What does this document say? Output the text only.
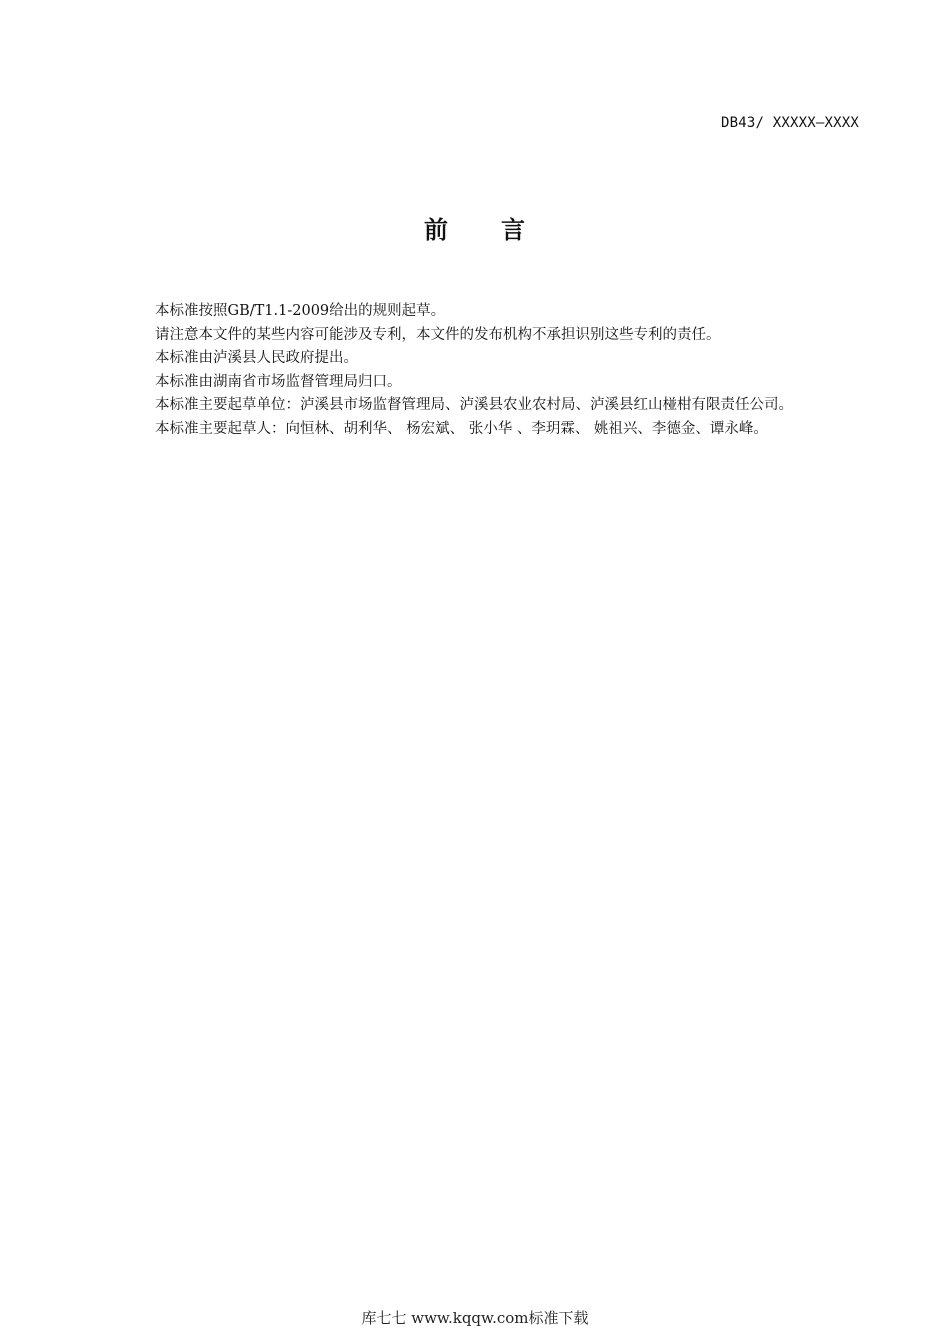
DB43/ XXXXX—XXXX
前 言

本标准按照GB/T1.1-2009给出的规则起草。

请注意本文件的某些内容可能涉及专利，本文件的发布机构不承担识别这些专利的责任。

本标准由泸溪县人民政府提出。

本标准由湖南省市场监督管理局归口。

本标准主要起草单位：泸溪县市场监督管理局、泸溪县农业农村局、泸溪县红山椪柑有限责任公司。

本标准主要起草人：向恒林、胡利华、 杨宏斌、 张小华 、李玥霖、 姚祖兴、李德金、谭永峰。

库七七 www.kqqw.com标准下载
